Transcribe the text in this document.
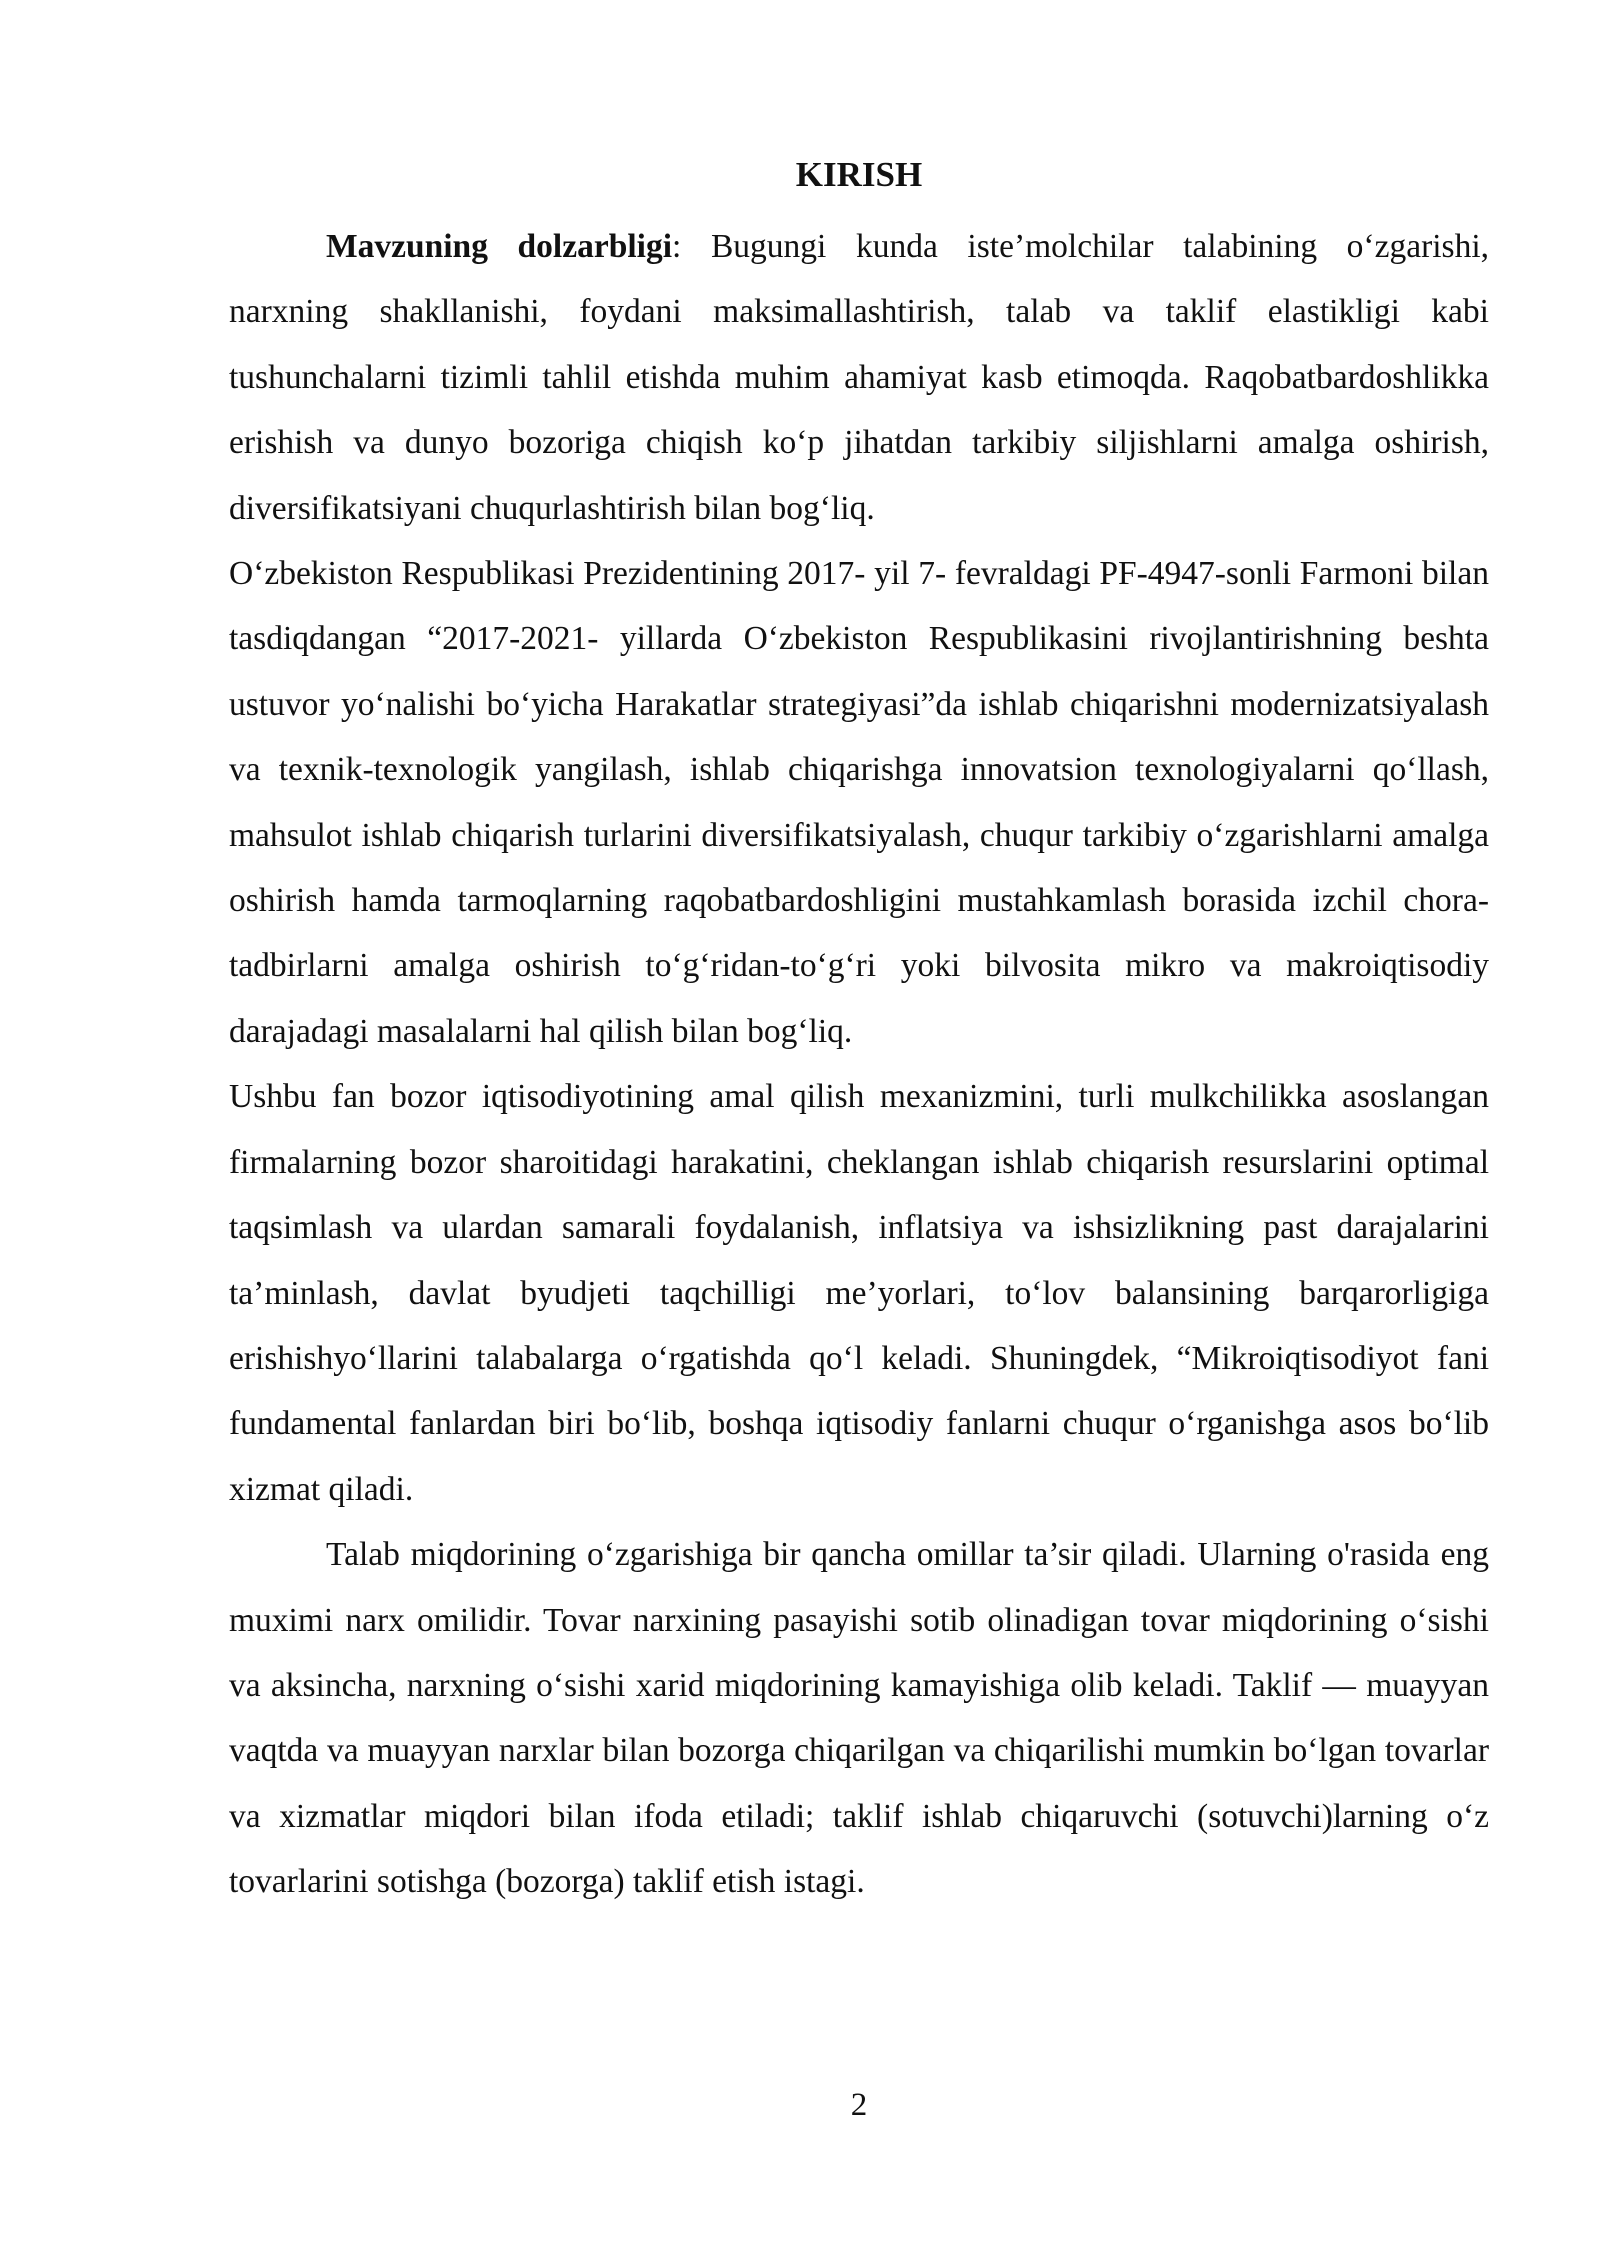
KIRISH

Mavzuning dolzarbligi: Bugungi kunda iste’molchilar talabining o‘zgarishi, narxning shakllanishi, foydani maksimallashtirish, talab va taklif elastikligi kabi tushunchalarni tizimli tahlil etishda muhim ahamiyat kasb etimoqda. Raqobatbardoshlikka erishish va dunyo bozoriga chiqish ko‘p jihatdan tarkibiy siljishlarni amalga oshirish, diversifikatsiyani chuqurlashtirish bilan bog‘liq.

O‘zbekiston Respublikasi Prezidentining 2017- yil 7- fevraldagi PF-4947-sonli Farmoni bilan tasdiqdangan “2017-2021- yillarda O‘zbekiston Respublikasini rivojlantirishning beshta ustuvor yo‘nalishi bo‘yicha Harakatlar strategiyasi”da ishlab chiqarishni modernizatsiyalash va texnik-texnologik yangilash, ishlab chiqarishga innovatsion texnologiyalarni qo‘llash, mahsulot ishlab chiqarish turlarini diversifikatsiyalash, chuqur tarkibiy o‘zgarishlarni amalga oshirish hamda tarmoqlarning raqobatbardoshligini mustahkamlash borasida izchil chora-tadbirlarni amalga oshirish to‘g‘ridan-to‘g‘ri yoki bilvosita mikro va makroiqtisodiy darajadagi masalalarni hal qilish bilan bog‘liq.

Ushbu fan bozor iqtisodiyotining amal qilish mexanizmini, turli mulkchilikka asoslangan firmalarning bozor sharoitidagi harakatini, cheklangan ishlab chiqarish resurslarini optimal taqsimlash va ulardan samarali foydalanish, inflatsiya va ishsizlikning past darajalarini ta’minlash, davlat byudjeti taqchilligi me’yorlari, to‘lov balansining barqarorligiga erishishyo‘llarini talabalarga o‘rgatishda qo‘l keladi. Shuningdek, “Mikroiqtisodiyot fani fundamental fanlardan biri bo‘lib, boshqa iqtisodiy fanlarni chuqur o‘rganishga asos bo‘lib xizmat qiladi.

Talab miqdorining o‘zgarishiga bir qancha omillar ta’sir qiladi. Ularning o'rasida eng muximi narx omilidir. Tovar narxining pasayishi sotib olinadigan tovar miqdorining o‘sishi va aksincha, narxning o‘sishi xarid miqdorining kamayishiga olib keladi. Taklif — muayyan vaqtda va muayyan narxlar bilan bozorga chiqarilgan va chiqarilishi mumkin bo‘lgan tovarlar va xizmatlar miqdori bilan ifoda etiladi; taklif ishlab chiqaruvchi (sotuvchi)larning o‘z tovarlarini sotishga (bozorga) taklif etish istagi.

2
